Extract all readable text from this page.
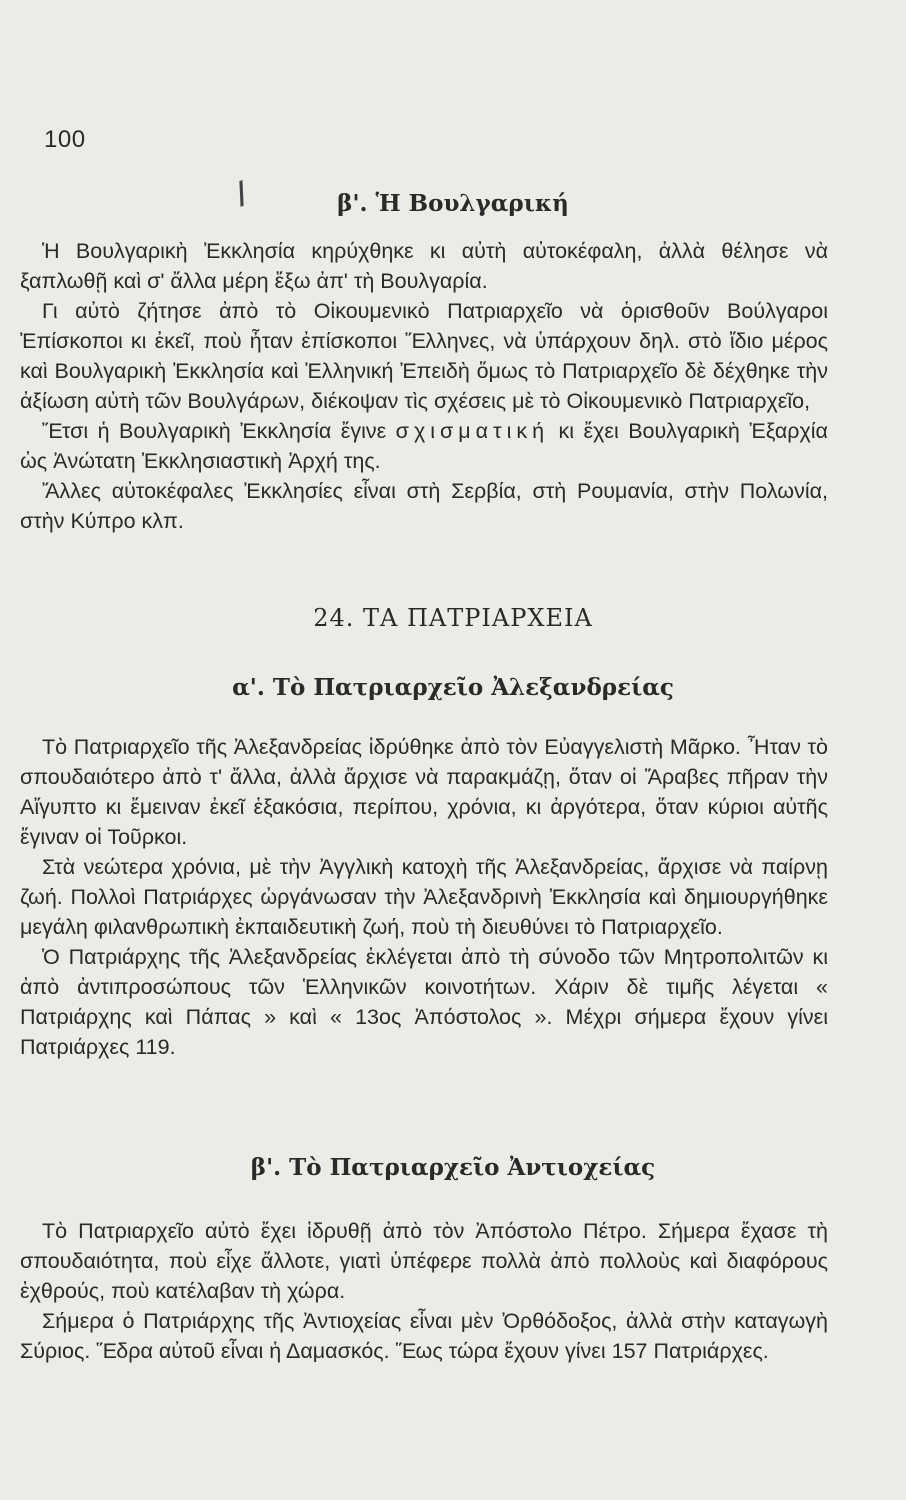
100
/	β'. Ἡ Βουλγαρική

Ἡ Βουλγαρικὴ Ἐκκλησία κηρύχθηκε κι αὐτὴ αὐτοκέφαλη, ἀλλὰ θέλησε νὰ ξαπλωθῇ καὶ σ' ἄλλα μέρη ἔξω ἀπ' τὴ Βουλγαρία.

Γι αὐτὸ ζήτησε ἀπὸ τὸ Οἰκουμενικὸ Πατριαρχεῖο νὰ ὁρισθοῦν Βούλγαροι Ἐπίσκοποι κι ἐκεῖ, ποὺ ἦταν ἐπίσκοποι Ἕλληνες, νὰ ὑπάρχουν δηλ. στὸ ἴδιο μέρος καὶ Βουλγαρικὴ Ἐκκλησία καὶ Ἑλληνική Ἐπειδὴ ὅμως τὸ Πατριαρχεῖο δὲ δέχθηκε τὴν ἀξίωση αὐτὴ τῶν Βουλγάρων, διέκοψαν τὶς σχέσεις μὲ τὸ Οἰκουμενικὸ Πατριαρχεῖο,

Ἔτσι ἡ Βουλγαρικὴ Ἐκκλησία ἔγινε σχισματική κι ἔχει Βουλγαρικὴ Ἐξαρχία ὡς Ἀνώτατη Ἐκκλησιαστικὴ Ἀρχή της.

Ἄλλες αὐτοκέφαλες Ἐκκλησίες εἶναι στὴ Σερβία, στὴ Ρουμανία, στὴν Πολωνία, στὴν Κύπρο κλπ.

24. ΤΑ ΠΑΤΡΙΑΡΧΕΙΑ
α'. Τὸ Πατριαρχεῖο Ἀλεξανδρείας

Τὸ Πατριαρχεῖο τῆς Ἀλεξανδρείας ἱδρύθηκε ἀπὸ τὸν Εὐαγγελιστὴ Μᾶρκο. Ἦταν τὸ σπουδαιότερο ἀπὸ τ' ἄλλα, ἀλλὰ ἄρχισε νὰ παρακμάζῃ, ὅταν οἱ Ἄραβες πῆραν τὴν Αἴγυπτο κι ἔμειναν ἐκεῖ ἑξακόσια, περίπου, χρόνια, κι ἀργότερα, ὅταν κύριοι αὐτῆς ἔγιναν οἱ Τοῦρκοι.

Στὰ νεώτερα χρόνια, μὲ τὴν Ἀγγλικὴ κατοχὴ τῆς Ἀλεξανδρείας, ἄρχισε νὰ παίρνῃ ζωή. Πολλοὶ Πατριάρχες ὠργάνωσαν τὴν Ἀλεξανδρινὴ Ἐκκλησία καὶ δημιουργήθηκε μεγάλη φιλανθρωπικὴ ἐκπαιδευτικὴ ζωή, ποὺ τὴ διευθύνει τὸ Πατριαρχεῖο.

Ὁ Πατριάρχης τῆς Ἀλεξανδρείας ἐκλέγεται ἀπὸ τὴ σύνοδο τῶν Μητροπολιτῶν κι ἀπὸ ἀντιπροσώπους τῶν Ἑλληνικῶν κοινοτήτων. Χάριν δὲ τιμῆς λέγεται « Πατριάρχης καὶ Πάπας » καὶ « 13ος Ἀπόστολος ». Μέχρι σήμερα ἔχουν γίνει Πατριάρχες 119.

β'. Τὸ Πατριαρχεῖο Ἀντιοχείας

Τὸ Πατριαρχεῖο αὐτὸ ἔχει ἱδρυθῇ ἀπὸ τὸν Ἀπόστολο Πέτρο. Σήμερα ἔχασε τὴ σπουδαιότητα, ποὺ εἶχε ἄλλοτε, γιατὶ ὑπέφερε πολλὰ ἀπὸ πολλοὺς καὶ διαφόρους ἐχθρούς, ποὺ κατέλαβαν τὴ χώρα.

Σήμερα ὁ Πατριάρχης τῆς Ἀντιοχείας εἶναι μὲν Ὀρθόδοξος, ἀλλὰ στὴν καταγωγὴ Σύριος. Ἕδρα αὐτοῦ εἶναι ἡ Δαμασκός. Ἕως τώρα ἔχουν γίνει 157 Πατριάρχες.
